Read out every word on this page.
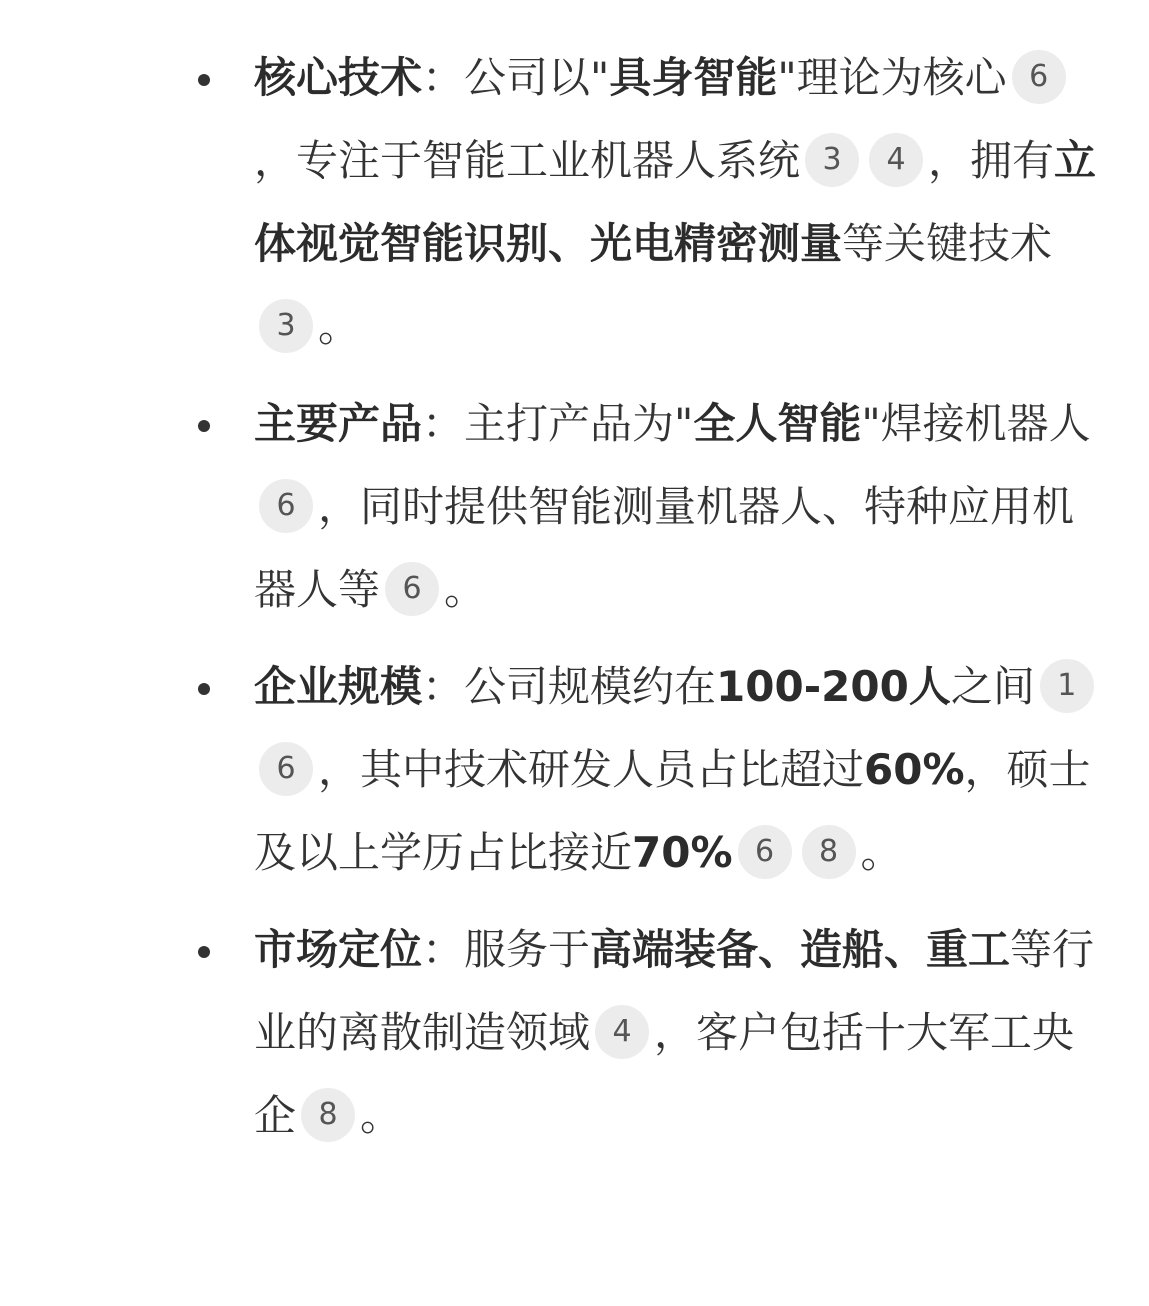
核心技术：公司以"具身智能"理论为核心 6，专注于智能工业机器人系统 3 4 ，拥有立体视觉智能识别、光电精密测量等关键技术3 。
主要产品：主打产品为"全人智能"焊接机器人6 ，同时提供智能测量机器人、特种应用机器人等 6 。
企业规模：公司规模约在100-200人之间 16 ，其中技术研发人员占比超过60%，硕士及以上学历占比接近70% 6 8 。
市场定位：服务于高端装备、造船、重工等行业的离散制造领域 4 ，客户包括十大军工央企 8 。
